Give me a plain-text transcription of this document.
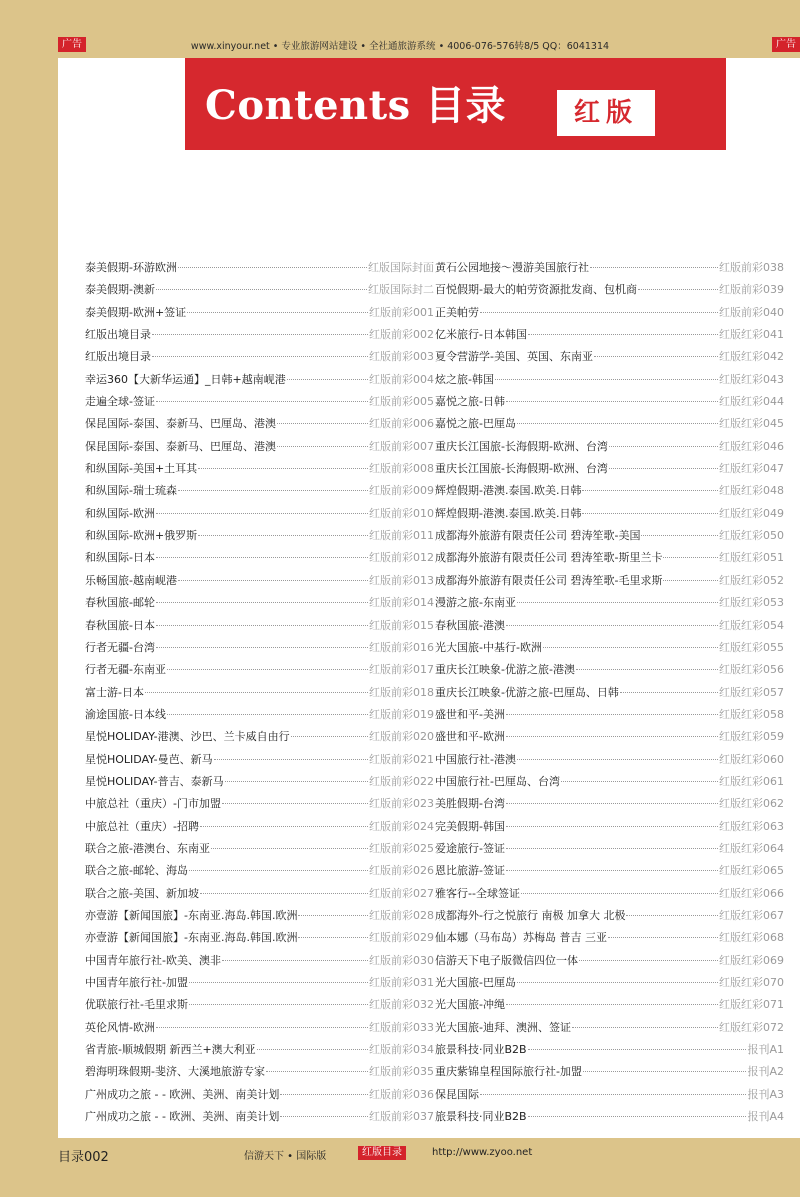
广告	www.xinyour.net • 专业旅游网站建设 • 全社通旅游系统 • 4006-076-576转8/5 QQ：6041314	广告
Contents 目录	红版
泰美假期-环游欧洲	红版国际封面
泰美假期-澳新	红版国际封二
泰美假期-欧洲+签证	红版前彩001
红版出境目录	红版前彩002
红版出境目录	红版前彩003
幸运360【大新华运通】_日韩+越南岘港	红版前彩004
走遍全球-签证	红版前彩005
保昆国际-泰国、泰新马、巴厘岛、港澳	红版前彩006
保昆国际-泰国、泰新马、巴厘岛、港澳	红版前彩007
和纵国际-美国+土耳其	红版前彩008
和纵国际-瑞士琉森	红版前彩009
和纵国际-欧洲	红版前彩010
和纵国际-欧洲+俄罗斯	红版前彩011
和纵国际-日本	红版前彩012
乐畅国旅-越南岘港	红版前彩013
春秋国旅-邮轮	红版前彩014
春秋国旅-日本	红版前彩015
行者无疆-台湾	红版前彩016
行者无疆-东南亚	红版前彩017
富士游-日本	红版前彩018
渝途国旅-日本线	红版前彩019
星悦HOLIDAY-港澳、沙巴、兰卡威自由行	红版前彩020
星悦HOLIDAY-曼芭、新马	红版前彩021
星悦HOLIDAY-普吉、泰新马	红版前彩022
中旅总社（重庆）-门市加盟	红版前彩023
中旅总社（重庆）-招聘	红版前彩024
联合之旅-港澳台、东南亚	红版前彩025
联合之旅-邮轮、海岛	红版前彩026
联合之旅-美国、新加坡	红版前彩027
亦壹游【新闻国旅】-东南亚.海岛.韩国.欧洲	红版前彩028
亦壹游【新闻国旅】-东南亚.海岛.韩国.欧洲	红版前彩029
中国青年旅行社-欧美、澳非	红版前彩030
中国青年旅行社-加盟	红版前彩031
优联旅行社-毛里求斯	红版前彩032
英伦风情-欧洲	红版前彩033
省青旅-顺城假期 新西兰+澳大利亚	红版前彩034
碧海明珠假期-斐济、大溪地旅游专家	红版前彩035
广州成功之旅 - - 欧洲、美洲、南美计划	红版前彩036
广州成功之旅 - - 欧洲、美洲、南美计划	红版前彩037
黄石公园地接～漫游美国旅行社	红版前彩038
百悦假期-最大的帕劳资源批发商、包机商	红版前彩039
正美帕劳	红版前彩040
亿米旅行-日本韩国	红版红彩041
夏令营游学-美国、英国、东南亚	红版红彩042
炫之旅-韩国	红版红彩043
嘉悦之旅-日韩	红版红彩044
嘉悦之旅-巴厘岛	红版红彩045
重庆长江国旅-长海假期-欧洲、台湾	红版红彩046
重庆长江国旅-长海假期-欧洲、台湾	红版红彩047
辉煌假期-港澳.泰国.欧美.日韩	红版红彩048
辉煌假期-港澳.泰国.欧美.日韩	红版红彩049
成都海外旅游有限责任公司 碧涛笙歌-美国	红版红彩050
成都海外旅游有限责任公司 碧涛笙歌-斯里兰卡	红版红彩051
成都海外旅游有限责任公司 碧涛笙歌-毛里求斯	红版红彩052
漫游之旅-东南亚	红版红彩053
春秋国旅-港澳	红版红彩054
光大国旅-中基行-欧洲	红版红彩055
重庆长江映象-优游之旅-港澳	红版红彩056
重庆长江映象-优游之旅-巴厘岛、日韩	红版红彩057
盛世和平-美洲	红版红彩058
盛世和平-欧洲	红版红彩059
中国旅行社-港澳	红版红彩060
中国旅行社-巴厘岛、台湾	红版红彩061
美胜假期-台湾	红版红彩062
完美假期-韩国	红版红彩063
爱途旅行-签证	红版红彩064
恩比旅游-签证	红版红彩065
雅客行--全球签证	红版红彩066
成都海外-行之悦旅行 南极 加拿大 北极	红版红彩067
仙本娜（马布岛）苏梅岛 普吉 三亚	红版红彩068
信游天下电子版微信四位一体	红版红彩069
光大国旅-巴厘岛	红版红彩070
光大国旅-冲绳	红版红彩071
光大国旅-迪拜、澳洲、签证	红版红彩072
旅景科技·同业B2B	报刊A1
重庆紫锦皇程国际旅行社-加盟	报刊A2
保昆国际	报刊A3
旅景科技·同业B2B	报刊A4
目录002	信游天下 • 国际版	红版目录	http://www.zyoo.net
